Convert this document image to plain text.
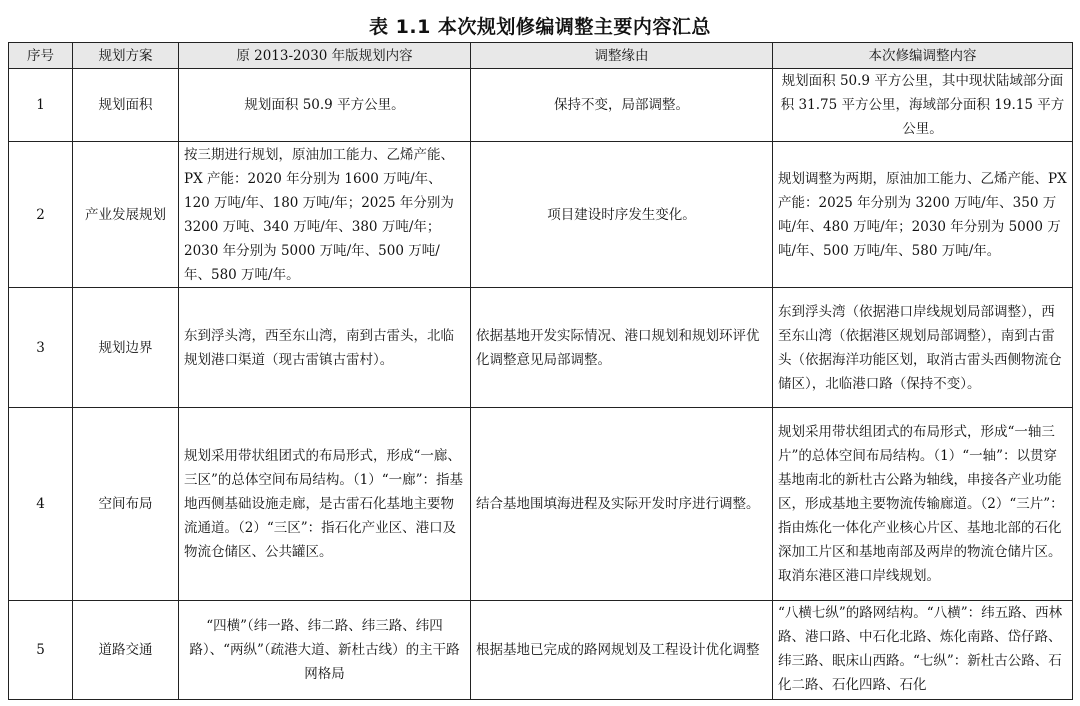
表 1.1 本次规划修编调整主要内容汇总
序号	规划方案	原 2013-2030 年版规划内容	调整缘由	本次修编调整内容
1	规划面积	规划面积 50.9 平方公里。	保持不变，局部调整。	规划面积 50.9 平方公里，其中现状陆域部分面积 31.75 平方公里，海域部分面积 19.15 平方公里。
2	产业发展规划	按三期进行规划，原油加工能力、乙烯产能、PX 产能：2020 年分别为 1600 万吨/年、120 万吨/年、180 万吨/年；2025 年分别为 3200 万吨、340 万吨/年、380 万吨/年；2030 年分别为 5000 万吨/年、500 万吨/年、580 万吨/年。	项目建设时序发生变化。	规划调整为两期，原油加工能力、乙烯产能、PX 产能：2025 年分别为 3200 万吨/年、350 万吨/年、480 万吨/年；2030 年分别为 5000 万吨/年、500 万吨/年、580 万吨/年。
3	规划边界	东到浮头湾，西至东山湾，南到古雷头，北临规划港口渠道（现古雷镇古雷村）。	依据基地开发实际情况、港口规划和规划环评优化调整意见局部调整。	东到浮头湾（依据港口岸线规划局部调整），西至东山湾（依据港区规划局部调整），南到古雷头（依据海洋功能区划，取消古雷头西侧物流仓储区），北临港口路（保持不变）。
4	空间布局	规划采用带状组团式的布局形式，形成“一廊、三区”的总体空间布局结构。（1）“一廊”：指基地西侧基础设施走廊，是古雷石化基地主要物流通道。（2）“三区”：指石化产业区、港口及物流仓储区、公共罐区。	结合基地围填海进程及实际开发时序进行调整。	规划采用带状组团式的布局形式，形成“一轴三片”的总体空间布局结构。（1）“一轴”：以贯穿基地南北的新杜古公路为轴线，串接各产业功能区，形成基地主要物流传输廊道。（2）“三片”：指由炼化一体化产业核心片区、基地北部的石化深加工片区和基地南部及两岸的物流仓储片区。取消东港区港口岸线规划。
5	道路交通	“四横”（纬一路、纬二路、纬三路、纬四路）、“两纵”（疏港大道、新杜古线）的主干路网格局	根据基地已完成的路网规划及工程设计优化调整	“八横七纵”的路网结构。“八横”：纬五路、西林路、港口路、中石化北路、炼化南路、岱仔路、纬三路、眠床山西路。“七纵”：新杜古公路、石化二路、石化四路、石化
